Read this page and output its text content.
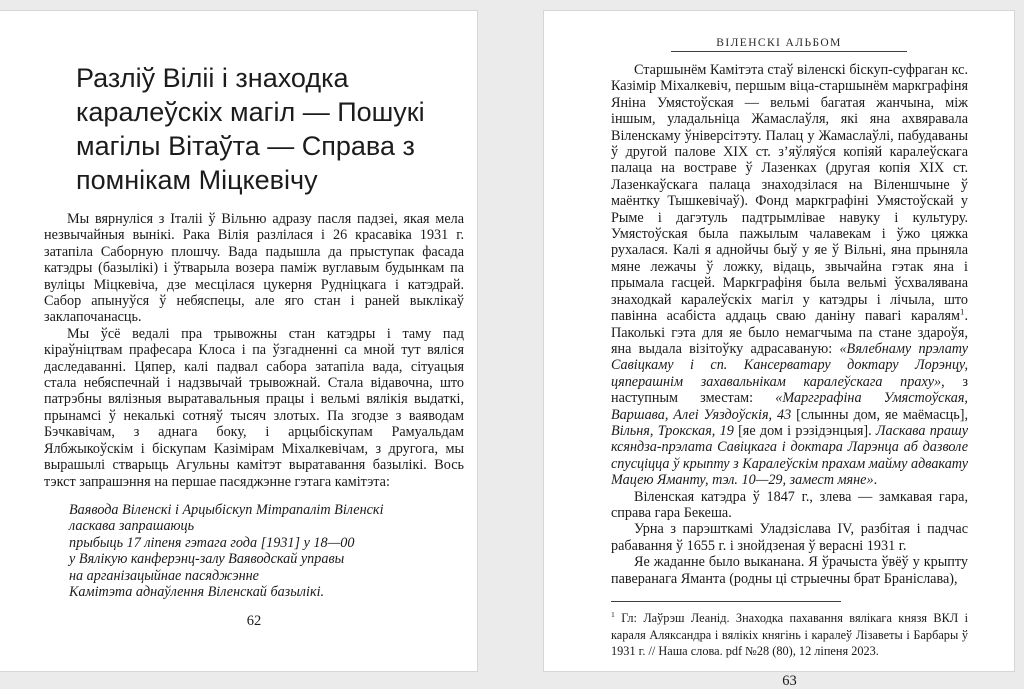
Разліў Віліі і знаходка
каралеўскіх магіл — Пошукі
магілы Вітаўта — Справа з
помнікам Міцкевічу

Мы вярнуліся з Італіі ў Вільню адразу пасля падзеі, якая мела незвычайныя вынікі. Рака Вілія разлілася і 26 красавіка 1931 г. затапіла Саборную плошчу. Вада падышла да прыступак фасада катэдры (базылікі) і ўтварыла возера паміж вуглавым будынкам па вуліцы Міцкевіча, дзе месцілася цукерня Рудніцкага і катэдрай. Сабор апынуўся ў небяспецы, але яго стан і раней выклікаў заклапочанасць.

Мы ўсё ведалі пра трывожны стан катэдры і таму пад кіраўніцтвам прафесара Клоса і па ўзгадненні са мной тут вяліся даследаванні. Цяпер, калі падвал сабора затапіла вада, сітуацыя стала небяспечнай і надзвычай трывожнай. Стала відавочна, што патрэбны вялізныя выратавальныя працы і вельмі вялікія выдаткі, прынамсі ў некалькі сотняў тысяч злотых. Па згодзе з ваяводам Бэчкавічам, з аднага боку, і арцыбіскупам Рамуальдам Ялбжыкоўскім і біскупам Казімірам Міхалкевічам, з другога, мы вырашылі стварыць Агульны камітэт выратавання базылікі. Вось тэкст запрашэння на першае пасяджэнне гэтага камітэта:

Ваявода Віленскі і Арцыбіскуп Мітрапаліт Віленскі
ласкава запрашаюць
прыбыць 17 ліпеня гэтага года [1931] у 18—00
у Вялікую канферэнц-залу Ваяводскай управы
на арганізацыйнае пасяджэнне
Камітэта аднаўлення Віленскай базылікі.
62
ВІЛЕНСКІ АЛЬБОМ

Старшынём Камітэта стаў віленскі біскуп-суфраган кс. Казімір Міхалкевіч, першым віца-старшынём маркграфіня Яніна Умястоўская — вельмі багатая жанчына, між іншым, уладальніца Жамаслаўля, які яна ахвяравала Віленскаму ўніверсітэту. Палац у Жамаслаўлі, пабудаваны ў другой палове XIX ст. з’яўляўся копіяй каралеўскага палаца на востраве ў Лазенках (другая копія XIX ст. Лазенкаўскага палаца знаходзілася на Віленшчыне ў маёнтку Тышкевічаў). Фонд маркграфіні Умястоўскай у Рыме і дагэтуль падтрымлівае навуку і культуру. Умястоўская была пажылым чалавекам і ўжо цяжка рухалася. Калі я аднойчы быў у яе ў Вільні, яна прыняла мяне лежачы ў ложку, відаць, звычайна гэтак яна і прымала гасцей. Маркграфіня была вельмі ўсхвалявана знаходкай каралеўскіх магіл у катэдры і лічыла, што павінна асабіста аддаць сваю даніну павагі каралям$^1$. Паколькі гэта для яе было немагчыма па стане здароўя, яна выдала візітоўку адрасаваную: «Вялебнаму прэлату Савіцкаму і сп. Кансерватару доктару Лорэнцу, цяперашнім захавальнікам каралеўскага праху», з наступным зместам: «Маргграфіна Умястоўская, Варшава, Алеі Уяздоўскія, 43 [слынны дом, яе маёмасць], Вільня, Трокская, 19 [яе дом і рэзідэнцыя]. Ласкава прашу ксяндза-прэлата Савіцкага і доктара Ларэнца аб дазволе спусціцца ў крыпту з Каралеўскім прахам майму адвакату Мацею Яманту, тэл. 10—29, замест мяне».

Віленская катэдра ў 1847 г., злева — замкавая гара, справа гара Бекеша.

Урна з парэшткамі Уладзіслава IV, разбітая і падчас рабавання ў 1655 г. і знойдзеная ў верасні 1931 г.

Яе жаданне было выканана. Я ўрачыста ўвёў у крыпту паверанага Яманта (родны ці стрыечны брат Браніслава),

$^1$ Гл: Лаўрэш Леанід. Знаходка пахавання вялікага князя ВКЛ і караля Аляксандра і вялікіх княгінь і каралеў Лізаветы і Барбары ў 1931 г. // Наша слова. pdf №28 (80), 12 ліпеня 2023.

63
